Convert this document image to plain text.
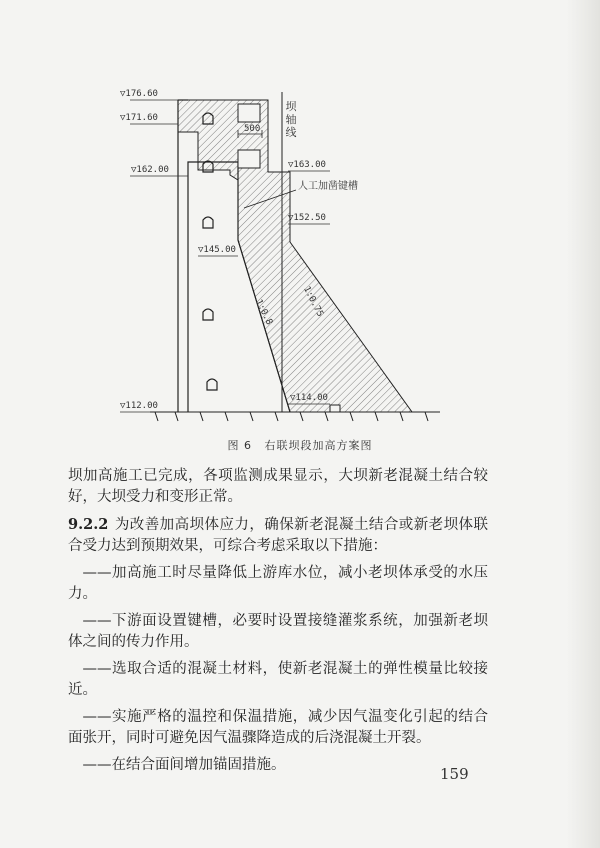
▽176.60
▽171.60
▽162.00	▽163.00
▽152.50
▽145.00
▽114.00
▽112.00
500
坝轴线
人工加凿键槽
1:0.75
1:0.8
图 6 右联坝段加高方案图

坝加高施工已完成，各项监测成果显示，大坝新老混凝土结合较好，大坝受力和变形正常。

9.2.2 为改善加高坝体应力，确保新老混凝土结合或新老坝体联合受力达到预期效果，可综合考虑采取以下措施：

——加高施工时尽量降低上游库水位，减小老坝体承受的水压力。

——下游面设置键槽，必要时设置接缝灌浆系统，加强新老坝体之间的传力作用。

——选取合适的混凝土材料，使新老混凝土的弹性模量比较接近。

——实施严格的温控和保温措施，减少因气温变化引起的结合面张开，同时可避免因气温骤降造成的后浇混凝土开裂。

——在结合面间增加锚固措施。	159
